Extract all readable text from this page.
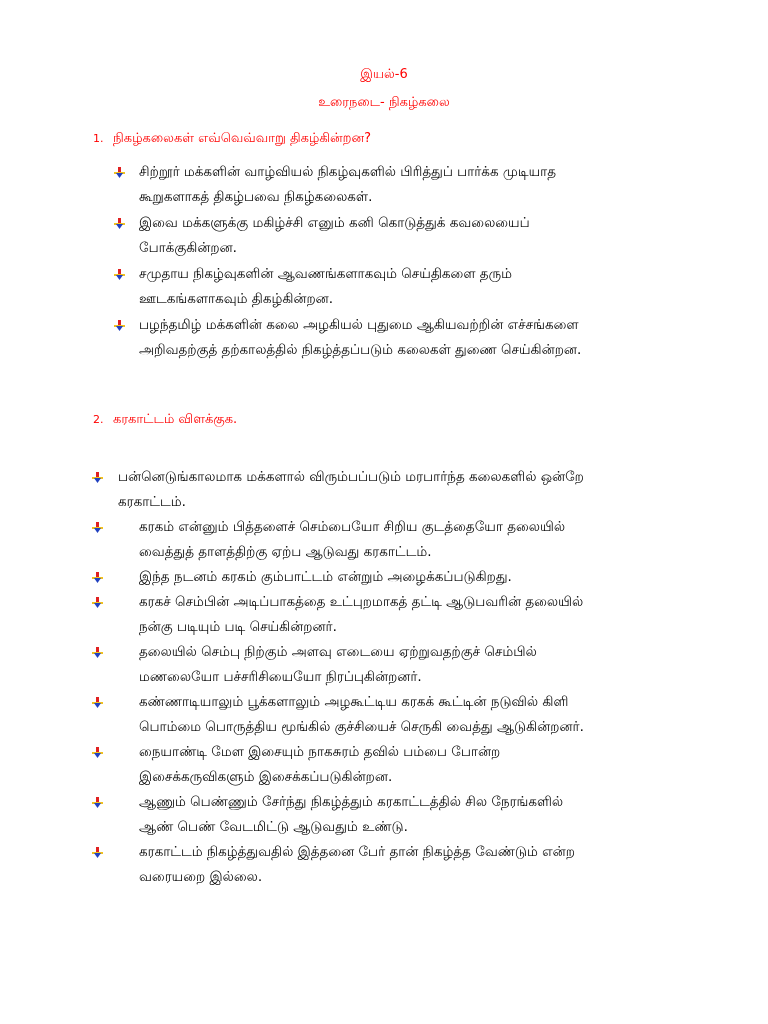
இயல்-6
உரைநடை- நிகழ்கலை
1. நிகழ்கலைகள் எவ்வெவ்வாறு திகழ்கின்றன?
சிற்றூர் மக்களின் வாழ்வியல் நிகழ்வுகளில் பிரித்துப் பார்க்க முடியாத
கூறுகளாகத் திகழ்பவை நிகழ்கலைகள்.
இவை மக்களுக்கு மகிழ்ச்சி எனும் கனி கொடுத்துக் கவலையைப்
போக்குகின்றன.
சமுதாய நிகழ்வுகளின் ஆவணங்களாகவும் செய்திகளை தரும்
ஊடகங்களாகவும் திகழ்கின்றன.
பழந்தமிழ் மக்களின் கலை அழகியல் புதுமை ஆகியவற்றின் எச்சங்களை
அறிவதற்குத் தற்காலத்தில் நிகழ்த்தப்படும் கலைகள் துணை செய்கின்றன.
2. கரகாட்டம் விளக்குக.
பன்னெடுங்காலமாக மக்களால் விரும்பப்படும் மரபார்ந்த கலைகளில் ஒன்றே
கரகாட்டம்.
கரகம் என்னும் பித்தளைச் செம்பையோ சிறிய குடத்தையோ தலையில்
வைத்துத் தாளத்திற்கு ஏற்ப ஆடுவது கரகாட்டம்.
இந்த நடனம் கரகம் கும்பாட்டம் என்றும் அழைக்கப்படுகிறது.
கரகச் செம்பின் அடிப்பாகத்தை உட்புறமாகத் தட்டி ஆடுபவரின் தலையில்
நன்கு படியும் படி செய்கின்றனர்.
தலையில் செம்பு நிற்கும் அளவு எடையை ஏற்றுவதற்குச் செம்பில்
மணலையோ பச்சரிசியையோ நிரப்புகின்றனர்.
கண்ணாடியாலும் பூக்களாலும் அழகூட்டிய கரகக் கூட்டின் நடுவில் கிளி
பொம்மை பொருத்திய மூங்கில் குச்சியைச் செருகி வைத்து ஆடுகின்றனர்.
நையாண்டி மேள இசையும் நாகசுரம் தவில் பம்பை போன்ற
இசைக்கருவிகளும் இசைக்கப்படுகின்றன.
ஆணும் பெண்ணும் சேர்ந்து நிகழ்த்தும் கரகாட்டத்தில் சில நேரங்களில்
ஆண் பெண் வேடமிட்டு ஆடுவதும் உண்டு.
கரகாட்டம் நிகழ்த்துவதில் இத்தனை பேர் தான் நிகழ்த்த வேண்டும் என்ற
வரையறை இல்லை.
